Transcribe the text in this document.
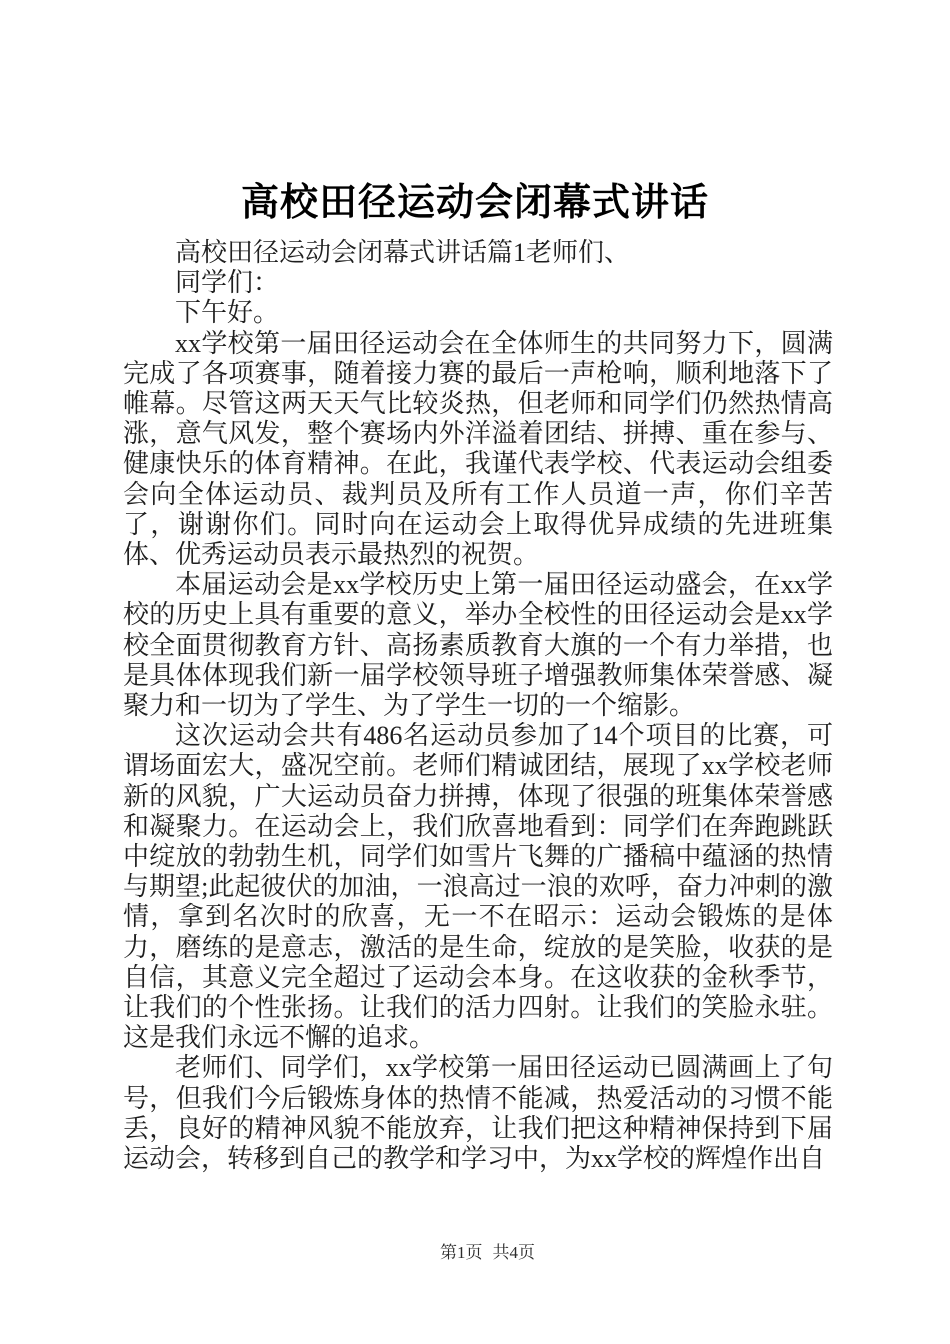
高校田径运动会闭幕式讲话

高校田径运动会闭幕式讲话篇1老师们、

同学们：

下午好。

xx学校第一届田径运动会在全体师生的共同努力下，圆满完成了各项赛事，随着接力赛的最后一声枪响，顺利地落下了帷幕。尽管这两天天气比较炎热，但老师和同学们仍然热情高涨，意气风发，整个赛场内外洋溢着团结、拼搏、重在参与、健康快乐的体育精神。在此，我谨代表学校、代表运动会组委会向全体运动员、裁判员及所有工作人员道一声，你们辛苦了，谢谢你们。同时向在运动会上取得优异成绩的先进班集体、优秀运动员表示最热烈的祝贺。

本届运动会是xx学校历史上第一届田径运动盛会，在xx学校的历史上具有重要的意义，举办全校性的田径运动会是xx学校全面贯彻教育方针、高扬素质教育大旗的一个有力举措，也是具体体现我们新一届学校领导班子增强教师集体荣誉感、凝聚力和一切为了学生、为了学生一切的一个缩影。

这次运动会共有486名运动员参加了14个项目的比赛，可谓场面宏大，盛况空前。老师们精诚团结，展现了xx学校老师新的风貌，广大运动员奋力拼搏，体现了很强的班集体荣誉感和凝聚力。在运动会上，我们欣喜地看到：同学们在奔跑跳跃中绽放的勃勃生机，同学们如雪片飞舞的广播稿中蕴涵的热情与期望;此起彼伏的加油，一浪高过一浪的欢呼，奋力冲刺的激情，拿到名次时的欣喜，无一不在昭示：运动会锻炼的是体力，磨练的是意志，激活的是生命，绽放的是笑脸，收获的是自信，其意义完全超过了运动会本身。在这收获的金秋季节，让我们的个性张扬。让我们的活力四射。让我们的笑脸永驻。这是我们永远不懈的追求。

老师们、同学们，xx学校第一届田径运动已圆满画上了句号，但我们今后锻炼身体的热情不能减，热爱活动的习惯不能丢，良好的精神风貌不能放弃，让我们把这种精神保持到下届运动会，转移到自己的教学和学习中，为xx学校的辉煌作出自

第1页 共4页
